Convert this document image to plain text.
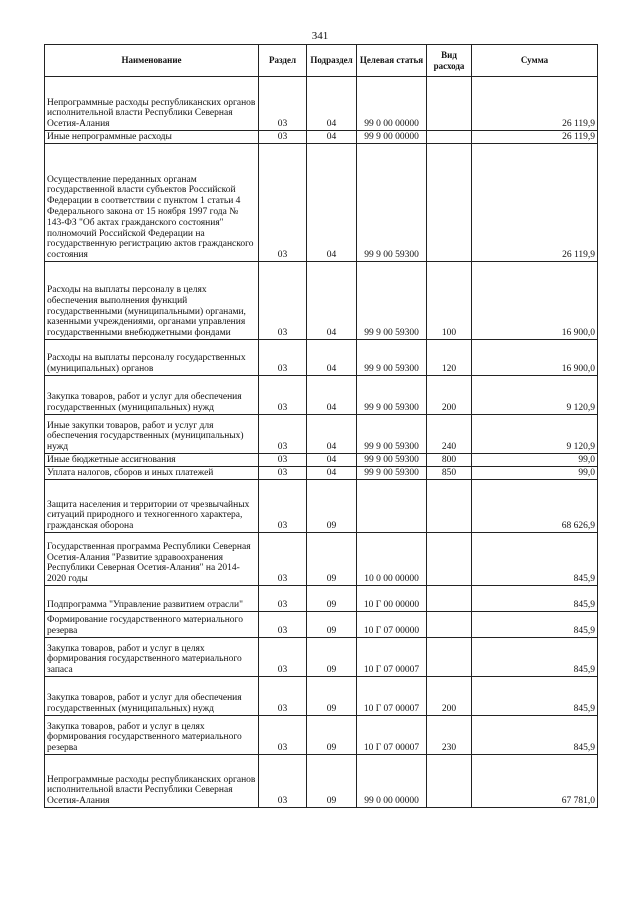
341
Наименование	Раздел	Подраздел	Целевая статья	Вид расхода	Сумма
Непрограммные расходы республиканских органов исполнительной власти Республики Северная Осетия-Алания	03	04	99 0 00 00000		26 119,9
Иные непрограммные расходы	03	04	99 9 00 00000		26 119,9
Осуществление переданных органам государственной власти субъектов Российской Федерации в соответствии с пунктом 1 статьи 4 Федерального закона от 15 ноября 1997 года № 143-ФЗ "Об актах гражданского состояния" полномочий Российской Федерации на государственную регистрацию актов гражданского состояния	03	04	99 9 00 59300		26 119,9
Расходы на выплаты персоналу в целях обеспечения выполнения функций государственными (муниципальными) органами, казенными учреждениями, органами управления государственными внебюджетными фондами	03	04	99 9 00 59300	100	16 900,0
Расходы на выплаты персоналу государственных (муниципальных) органов	03	04	99 9 00 59300	120	16 900,0
Закупка товаров, работ и услуг для обеспечения государственных (муниципальных) нужд	03	04	99 9 00 59300	200	9 120,9
Иные закупки товаров, работ и услуг для обеспечения государственных (муниципальных) нужд	03	04	99 9 00 59300	240	9 120,9
Иные бюджетные ассигнования	03	04	99 9 00 59300	800	99,0
Уплата налогов, сборов и иных платежей	03	04	99 9 00 59300	850	99,0
Защита населения и территории от чрезвычайных ситуаций природного и техногенного характера, гражданская оборона	03	09			68 626,9
Государственная программа Республики Северная Осетия-Алания "Развитие здравоохранения Республики Северная Осетия-Алания" на 2014-2020 годы	03	09	10 0 00 00000		845,9
Подпрограмма "Управление развитием отрасли"	03	09	10 Г 00 00000		845,9
Формирование государственного материального резерва	03	09	10 Г 07 00000		845,9
Закупка товаров, работ и услуг в целях формирования государственного материального запаса	03	09	10 Г 07 00007		845,9
Закупка товаров, работ и услуг для обеспечения государственных (муниципальных) нужд	03	09	10 Г 07 00007	200	845,9
Закупка товаров, работ и услуг в целях формирования государственного материального резерва	03	09	10 Г 07 00007	230	845,9
Непрограммные расходы республиканских органов исполнительной власти Республики Северная Осетия-Алания	03	09	99 0 00 00000		67 781,0
